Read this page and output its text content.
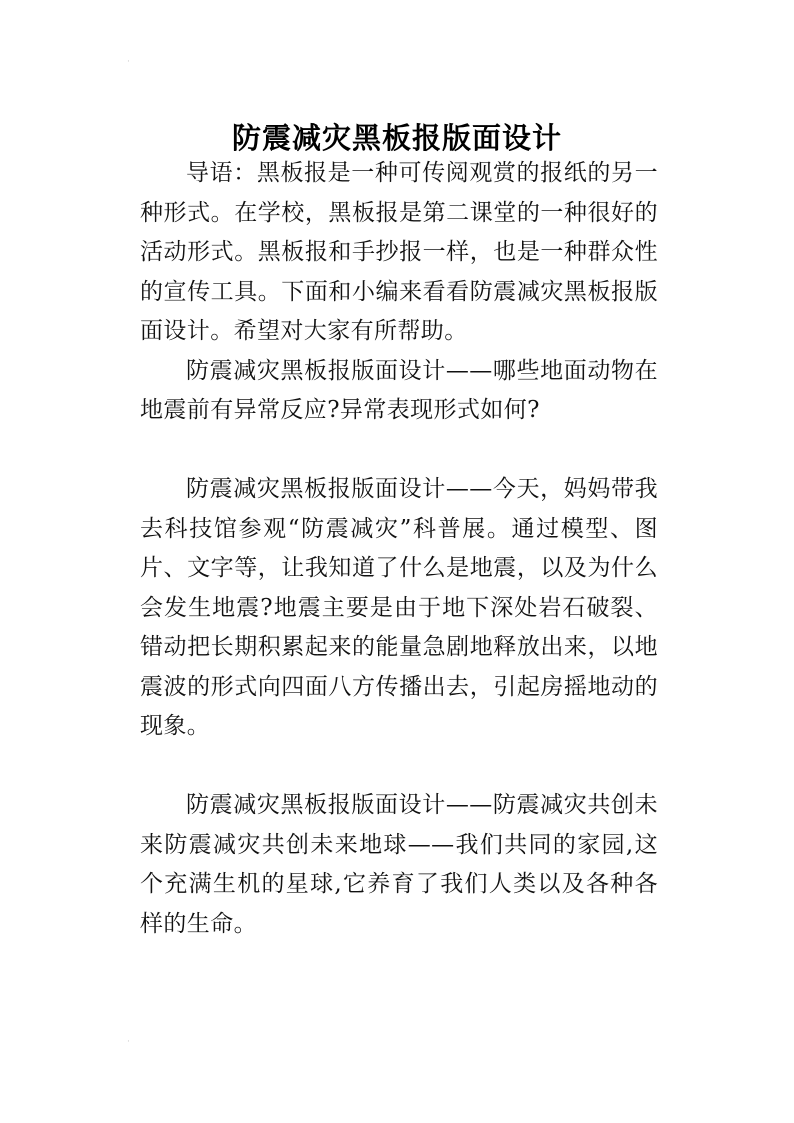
·
防震减灾黑板报版面设计

导语：黑板报是一种可传阅观赏的报纸的另一种形式。在学校，黑板报是第二课堂的一种很好的活动形式。黑板报和手抄报一样，也是一种群众性的宣传工具。下面和小编来看看防震减灾黑板报版面设计。希望对大家有所帮助。

防震减灾黑板报版面设计——哪些地面动物在地震前有异常反应?异常表现形式如何?

防震减灾黑板报版面设计——今天，妈妈带我去科技馆参观“防震减灾”科普展。通过模型、图片、文字等，让我知道了什么是地震，以及为什么会发生地震?地震主要是由于地下深处岩石破裂、错动把长期积累起来的能量急剧地释放出来，以地震波的形式向四面八方传播出去，引起房摇地动的现象。

防震减灾黑板报版面设计——防震减灾共创未来防震减灾共创未来地球——我们共同的家园,这个充满生机的星球,它养育了我们人类以及各种各样的生命。

·
